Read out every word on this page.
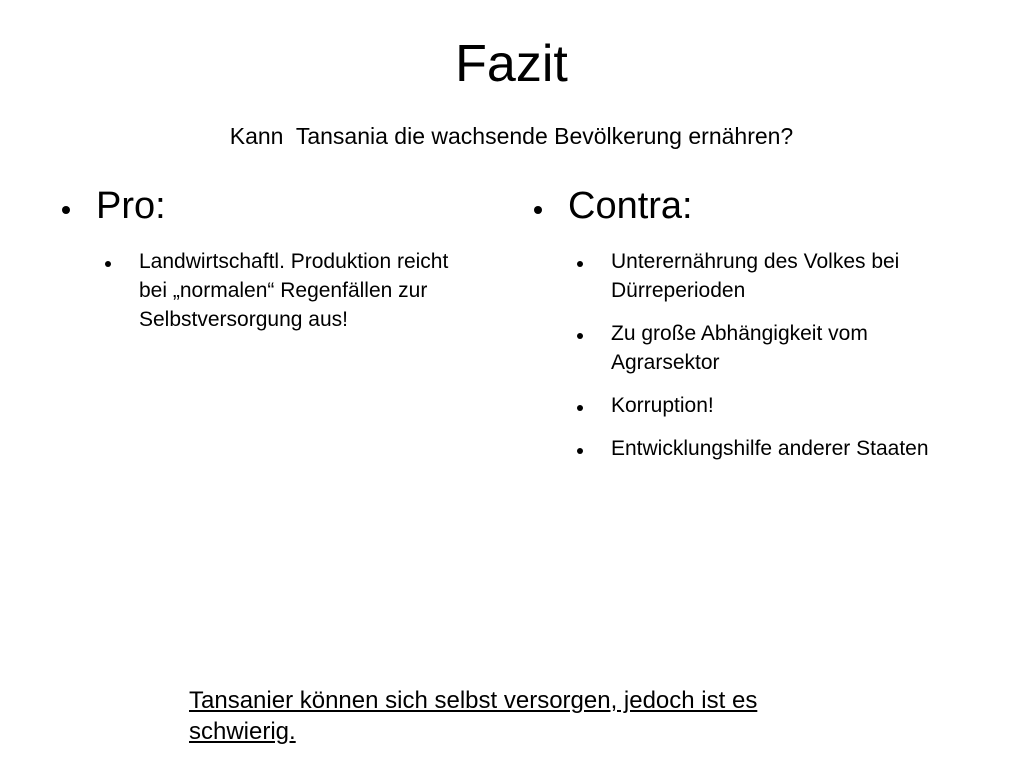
Fazit
Kann  Tansania die wachsende Bevölkerung ernähren?
Pro:
Landwirtschaftl. Produktion reicht bei „normalen“ Regenfällen zur Selbstversorgung aus!
Contra:
Unterernährung des Volkes bei Dürreperioden
Zu große Abhängigkeit vom Agrarsektor
Korruption!
Entwicklungshilfe anderer Staaten
Tansanier können sich selbst versorgen, jedoch ist es schwierig.
